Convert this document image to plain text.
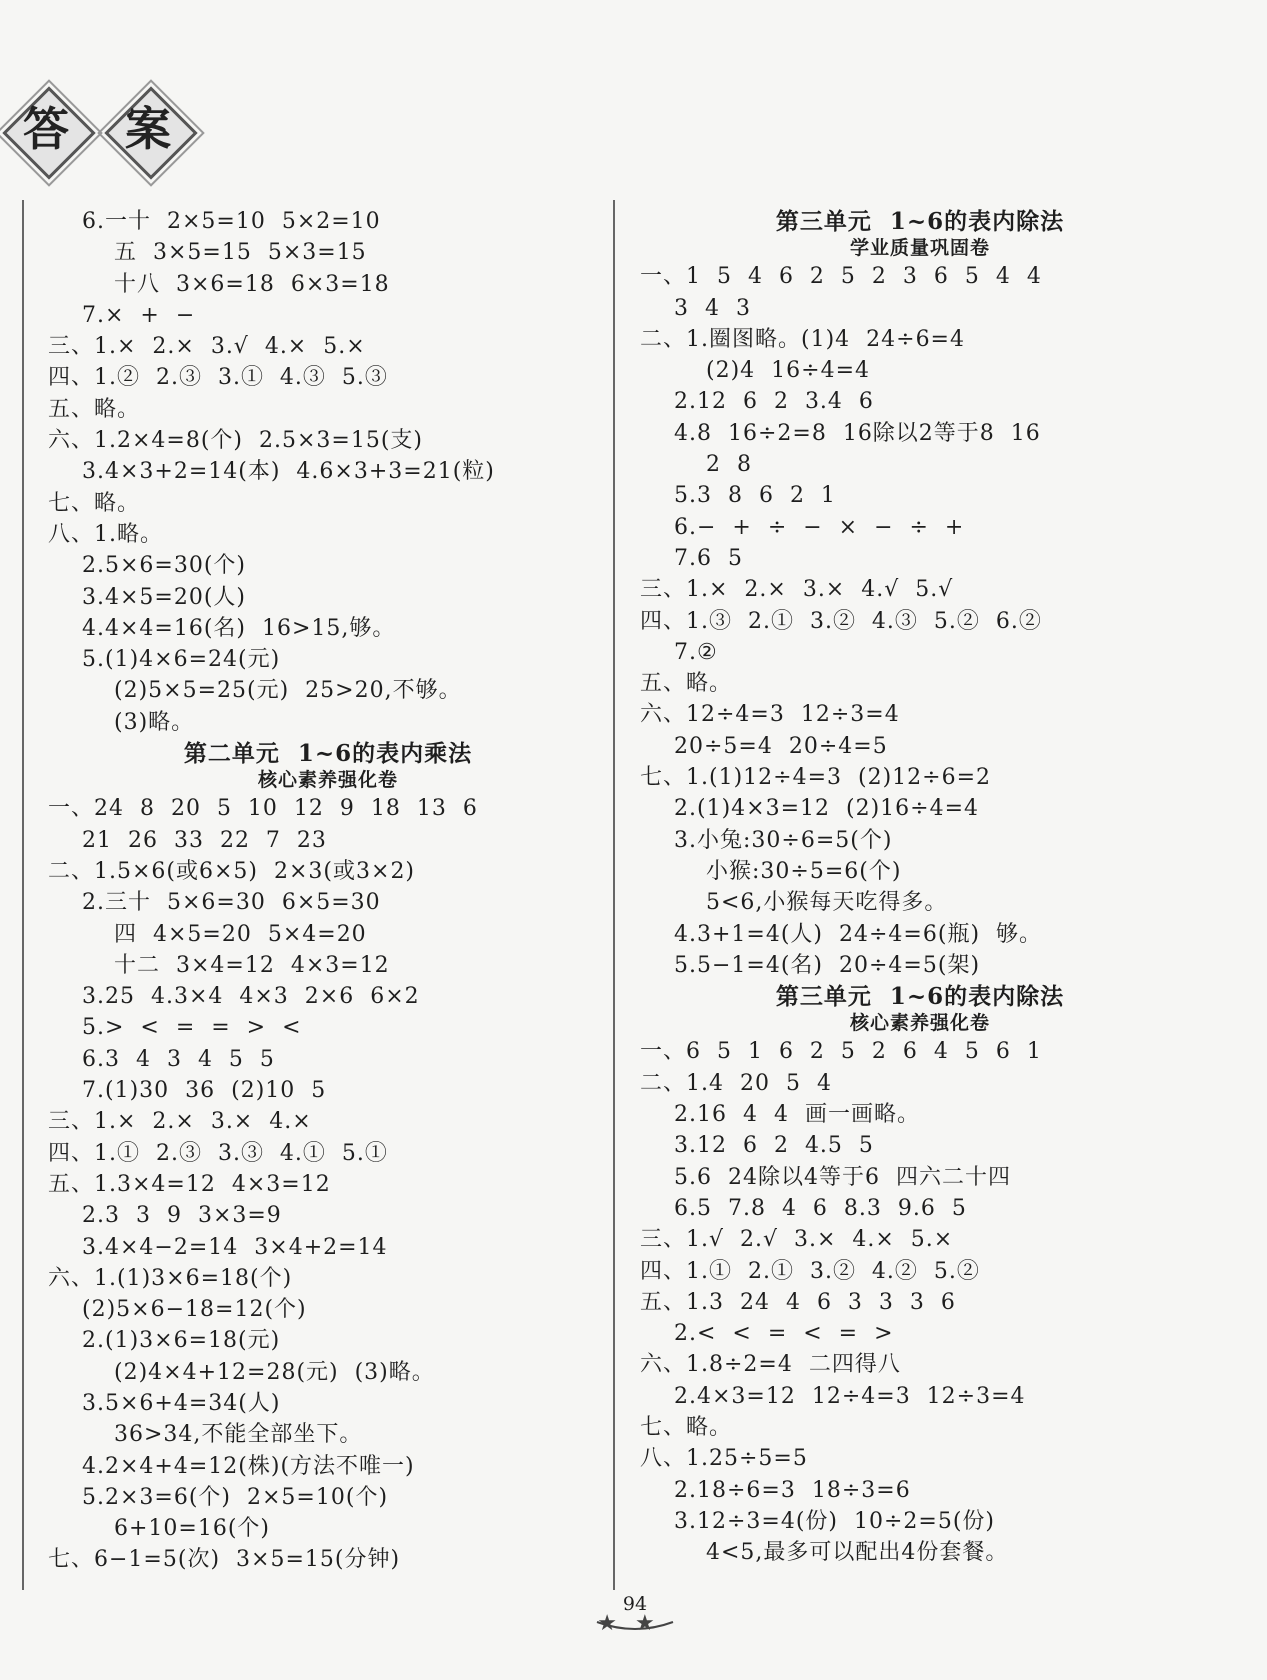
答	案
6.一十  2×5=10  5×2=10
五  3×5=15  5×3=15
十八  3×6=18  6×3=18
7.×  +  −
三、1.×  2.×  3.√  4.×  5.×
四、1.②  2.③  3.①  4.③  5.③
五、略。
六、1.2×4=8(个)  2.5×3=15(支)
3.4×3+2=14(本)  4.6×3+3=21(粒)
七、略。
八、1.略。
2.5×6=30(个)
3.4×5=20(人)
4.4×4=16(名)  16>15,够。
5.(1)4×6=24(元)
(2)5×5=25(元)  25>20,不够。
(3)略。
第二单元  1~6的表内乘法
核心素养强化卷
一、24  8  20  5  10  12  9  18  13  6
21  26  33  22  7  23
二、1.5×6(或6×5)  2×3(或3×2)
2.三十  5×6=30  6×5=30
四  4×5=20  5×4=20
十二  3×4=12  4×3=12
3.25  4.3×4  4×3  2×6  6×2
5.>  <  =  =  >  <
6.3  4  3  4  5  5
7.(1)30  36  (2)10  5
三、1.×  2.×  3.×  4.×
四、1.①  2.③  3.③  4.①  5.①
五、1.3×4=12  4×3=12
2.3  3  9  3×3=9
3.4×4−2=14  3×4+2=14
六、1.(1)3×6=18(个)
(2)5×6−18=12(个)
2.(1)3×6=18(元)
(2)4×4+12=28(元)  (3)略。
3.5×6+4=34(人)
36>34,不能全部坐下。
4.2×4+4=12(株)(方法不唯一)
5.2×3=6(个)  2×5=10(个)
6+10=16(个)
七、6−1=5(次)  3×5=15(分钟)
第三单元  1~6的表内除法
学业质量巩固卷
一、1  5  4  6  2  5  2  3  6  5  4  4
3  4  3
二、1.圈图略。(1)4  24÷6=4
(2)4  16÷4=4
2.12  6  2  3.4  6
4.8  16÷2=8  16除以2等于8  16
2  8
5.3  8  6  2  1
6.−  +  ÷  −  ×  −  ÷  +
7.6  5
三、1.×  2.×  3.×  4.√  5.√
四、1.③  2.①  3.②  4.③  5.②  6.②
7.②
五、略。
六、12÷4=3  12÷3=4
20÷5=4  20÷4=5
七、1.(1)12÷4=3  (2)12÷6=2
2.(1)4×3=12  (2)16÷4=4
3.小兔:30÷6=5(个)
小猴:30÷5=6(个)
5<6,小猴每天吃得多。
4.3+1=4(人)  24÷4=6(瓶)  够。
5.5−1=4(名)  20÷4=5(架)
第三单元  1~6的表内除法
核心素养强化卷
一、6  5  1  6  2  5  2  6  4  5  6  1
二、1.4  20  5  4
2.16  4  4  画一画略。
3.12  6  2  4.5  5
5.6  24除以4等于6  四六二十四
6.5  7.8  4  6  8.3  9.6  5
三、1.√  2.√  3.×  4.×  5.×
四、1.①  2.①  3.②  4.②  5.②
五、1.3  24  4  6  3  3  3  6
2.<  <  =  <  =  >
六、1.8÷2=4  二四得八
2.4×3=12  12÷4=3  12÷3=4
七、略。
八、1.25÷5=5
2.18÷6=3  18÷3=6
3.12÷3=4(份)  10÷2=5(份)
4<5,最多可以配出4份套餐。
94
★★
